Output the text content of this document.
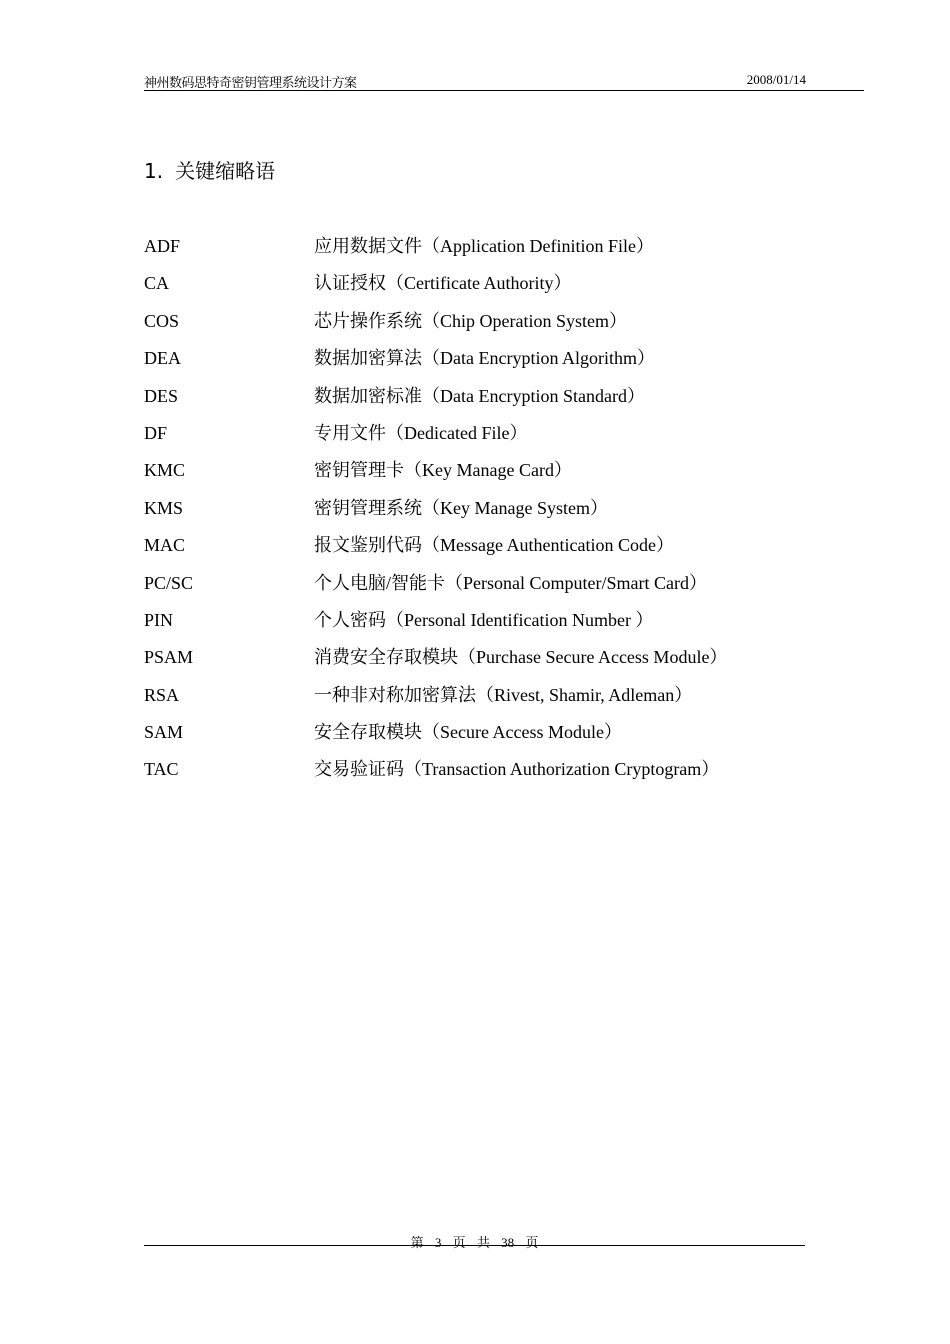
神州数码思特奇密钥管理系统设计方案	2008/01/14
1. 关键缩略语
ADF	应用数据文件（Application Definition File）
CA	认证授权（Certificate Authority）
COS	芯片操作系统（Chip Operation System）
DEA	数据加密算法（Data Encryption Algorithm）
DES	数据加密标准（Data Encryption Standard）
DF	专用文件（Dedicated File）
KMC	密钥管理卡（Key Manage Card）
KMS	密钥管理系统（Key Manage System）
MAC	报文鉴别代码（Message Authentication Code）
PC/SC	个人电脑/智能卡（Personal Computer/Smart Card）
PIN	个人密码（Personal Identification Number ）
PSAM	消费安全存取模块（Purchase Secure Access Module）
RSA	一种非对称加密算法（Rivest, Shamir, Adleman）
SAM	安全存取模块（Secure Access Module）
TAC	交易验证码（Transaction Authorization Cryptogram）
第 3 页 共 38 页
